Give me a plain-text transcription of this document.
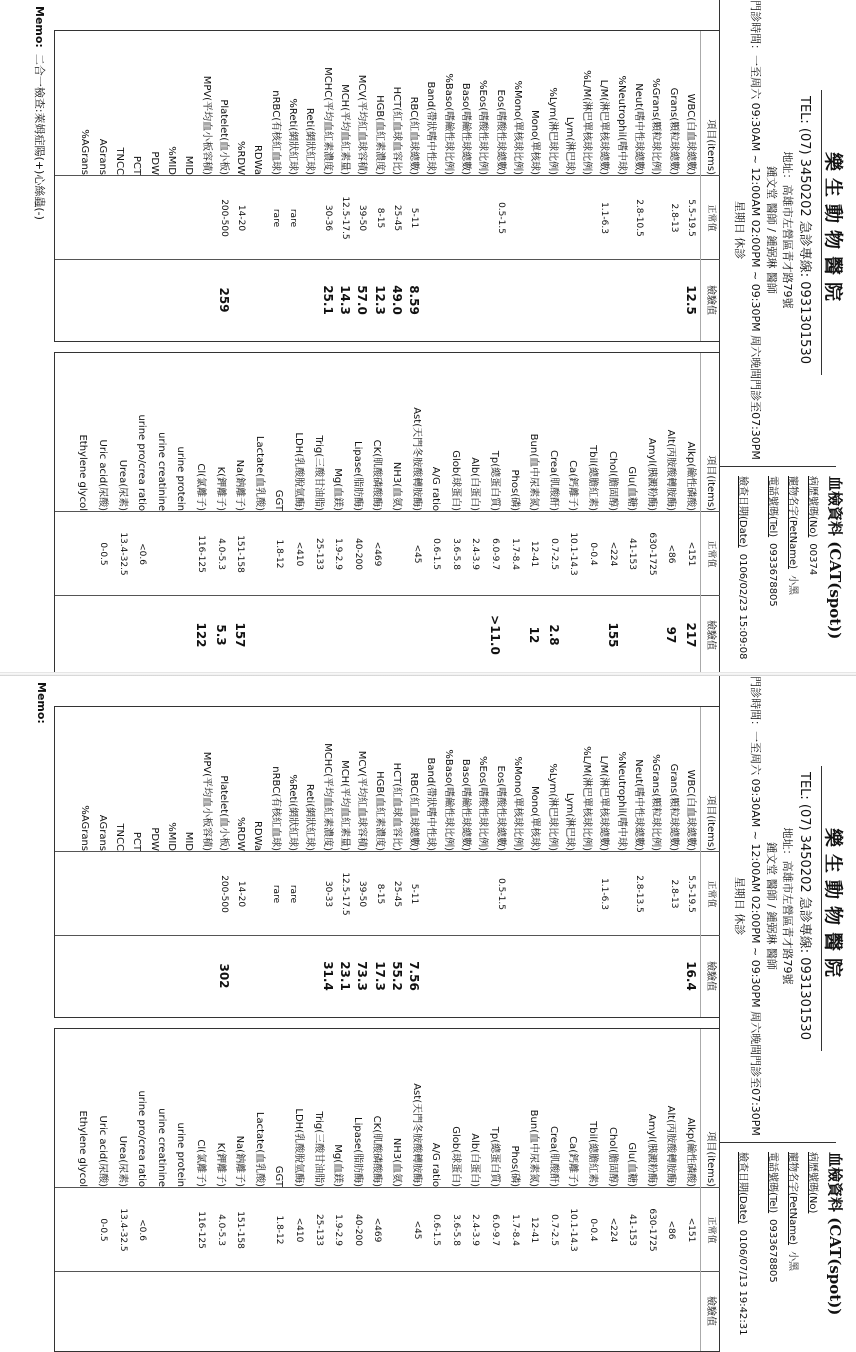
樂生動物醫院
TEL: (07) 3450202 急診專線: 0931301530
地址：高雄市左營區青才路79號
鍾文堂 醫師 / 鍾弼琳 醫師
門診時間：一至周六 09:30AM ~ 12:00AM 02:00PM ~ 09:30PM 周六晚間門診至07:30PM
星期日 休診
血檢資料 (CAT(spot))
病歷號碼(No)00374
寵物名字(PetName)小黑
電話號碼(Tel)0933678805
檢查日期(Date)0106/02/23 15:09:08
項目(items)
正常值
檢驗值
WBC(白血球總數)
5.5-19.5
12.5
Grans(顆粒球總數)
2.8-13
%Grans(顆粒球比例)
Neut(嗜中性球總數)
2.8-10.5
%Neutrophil(嗜中球)
L/M(淋巴單核球總數)
1.1-6.3
%L/M(淋巴單核球比例)
Lym(淋巴球)
%Lym(淋巴球比例)
Mono(單核球)
%Mono(單核球比例)
Eos(嗜酸性球總數)
0.5-1.5
%Eos(嗜酸性球比例)
Baso(嗜鹼性球總數)
%Baso(嗜鹼性球比例)
Band(帶狀嗜中性球)
RBC(紅血球總數)
5-11
8.59
HCT(紅血球血容比)
25-45
49.0
HGB(血紅素濃度)
8-15
12.3
MCV(平均紅血球容積)
39-50
57.0
MCH(平均血紅素量)
12.5-17.5
14.3
MCHC(平均血紅素濃度)
30-36
25.1
Reti(網狀紅球)
%Reti(網狀紅球)
rare
nRBC(有核紅血球)
rare
RDWa
%RDW
14-20
Platelet(血小板)
200-500
259
MPV(平均血小板容積)
MID
%MID
PDW
PCT
TNCC
AGrans
%AGrans
項目(items)
正常值
檢驗值
Alkp(鹼性磷酸)
<151
217
Alt(丙胺酸轉胺酶)
<86
97
Amyl(胰澱粉酶)
630-1725
Glu(血糖)
41-153
Chol(膽固醇)
<224
155
Tbil(總膽紅素)
0-0.4
Ca(鈣離子)
10.1-14.3
Crea(肌酸酐)
0.7-2.5
2.8
Bun(血中尿素氮)
12-41
12
Phos(磷)
1.7-8.4
Tp(總蛋白質)
6.0-9.7
>11.0
Alb(白蛋白)
2.4-3.9
Glob(球蛋白)
3.6-5.8
A/G ratio
0.6-1.5
Ast(天門冬胺酸轉胺酶)
<45
NH3(血氨)
CK(肌酸磷酸酶)
<469
Lipase(脂肪酶)
40-200
Mg(血鎂)
1.9-2.9
Trig(三酸甘油脂)
25-133
LDH(乳酸脫氫酶)
<410
GGT
1.8-12
Lactate(血乳酸)
Na(鈉離子)
151-158
157
K(鉀離子)
4.0-5.3
5.3
Cl(氯離子)
116-125
122
urine protein
urine creatinine
urine pro/crea ratio
<0.6
Urea(尿素)
13.4-32.5
Uric acid(尿酸)
0-0.5
Ethylene glycol
Memo:二合一檢查:萊姆症陽(+)心絲蟲(-)
樂生動物醫院
TEL: (07) 3450202 急診專線: 0931301530
地址：高雄市左營區青才路79號
鍾文堂 醫師 / 鍾弼琳 醫師
門診時間：一至周六 09:30AM ~ 12:00AM 02:00PM ~ 09:30PM 周六晚間門診至07:30PM
星期日 休診
血檢資料 (CAT(spot))
病歷號碼(No)
寵物名字(PetName)小黑
電話號碼(Tel)0933678805
檢查日期(Date)0106/07/13 19:42:31
項目(items)
正常值
檢驗值
WBC(白血球總數)
5.5-19.5
16.4
Grans(顆粒球總數)
2.8-13
%Grans(顆粒球比例)
Neut(嗜中性球總數)
2.8-13.5
%Neutrophil(嗜中球)
L/M(淋巴單核球總數)
1.1-6.3
%L/M(淋巴單核球比例)
Lym(淋巴球)
%Lym(淋巴球比例)
Mono(單核球)
%Mono(單核球比例)
Eos(嗜酸性球總數)
0.5-1.5
%Eos(嗜酸性球比例)
Baso(嗜鹼性球總數)
%Baso(嗜鹼性球比例)
Band(帶狀嗜中性球)
RBC(紅血球總數)
5-11
7.56
HCT(紅血球血容比)
25-45
55.2
HGB(血紅素濃度)
8-15
17.3
MCV(平均紅血球容積)
39-50
73.3
MCH(平均血紅素量)
12.5-17.5
23.1
MCHC(平均血紅素濃度)
30-33
31.4
Reti(網狀紅球)
%Reti(網狀紅球)
rare
nRBC(有核紅血球)
rare
RDWa
%RDW
14-20
Platelet(血小板)
200-500
302
MPV(平均血小板容積)
MID
%MID
PDW
PCT
TNCC
AGrans
%AGrans
項目(items)
正常值
檢驗值
Alkp(鹼性磷酸)
<151
Alt(丙胺酸轉胺酶)
<86
Amyl(胰澱粉酶)
630-1725
Glu(血糖)
41-153
Chol(膽固醇)
<224
Tbil(總膽紅素)
0-0.4
Ca(鈣離子)
10.1-14.3
Crea(肌酸酐)
0.7-2.5
Bun(血中尿素氮)
12-41
Phos(磷)
1.7-8.4
Tp(總蛋白質)
6.0-9.7
Alb(白蛋白)
2.4-3.9
Glob(球蛋白)
3.6-5.8
A/G ratio
0.6-1.5
Ast(天門冬胺酸轉胺酶)
<45
NH3(血氨)
CK(肌酸磷酸酶)
<469
Lipase(脂肪酶)
40-200
Mg(血鎂)
1.9-2.9
Trig(三酸甘油脂)
25-133
LDH(乳酸脫氫酶)
<410
GGT
1.8-12
Lactate(血乳酸)
Na(鈉離子)
151-158
K(鉀離子)
4.0-5.3
Cl(氯離子)
116-125
urine protein
urine creatinine
urine pro/crea ratio
<0.6
Urea(尿素)
13.4-32.5
Uric acid(尿酸)
0-0.5
Ethylene glycol
Memo:
